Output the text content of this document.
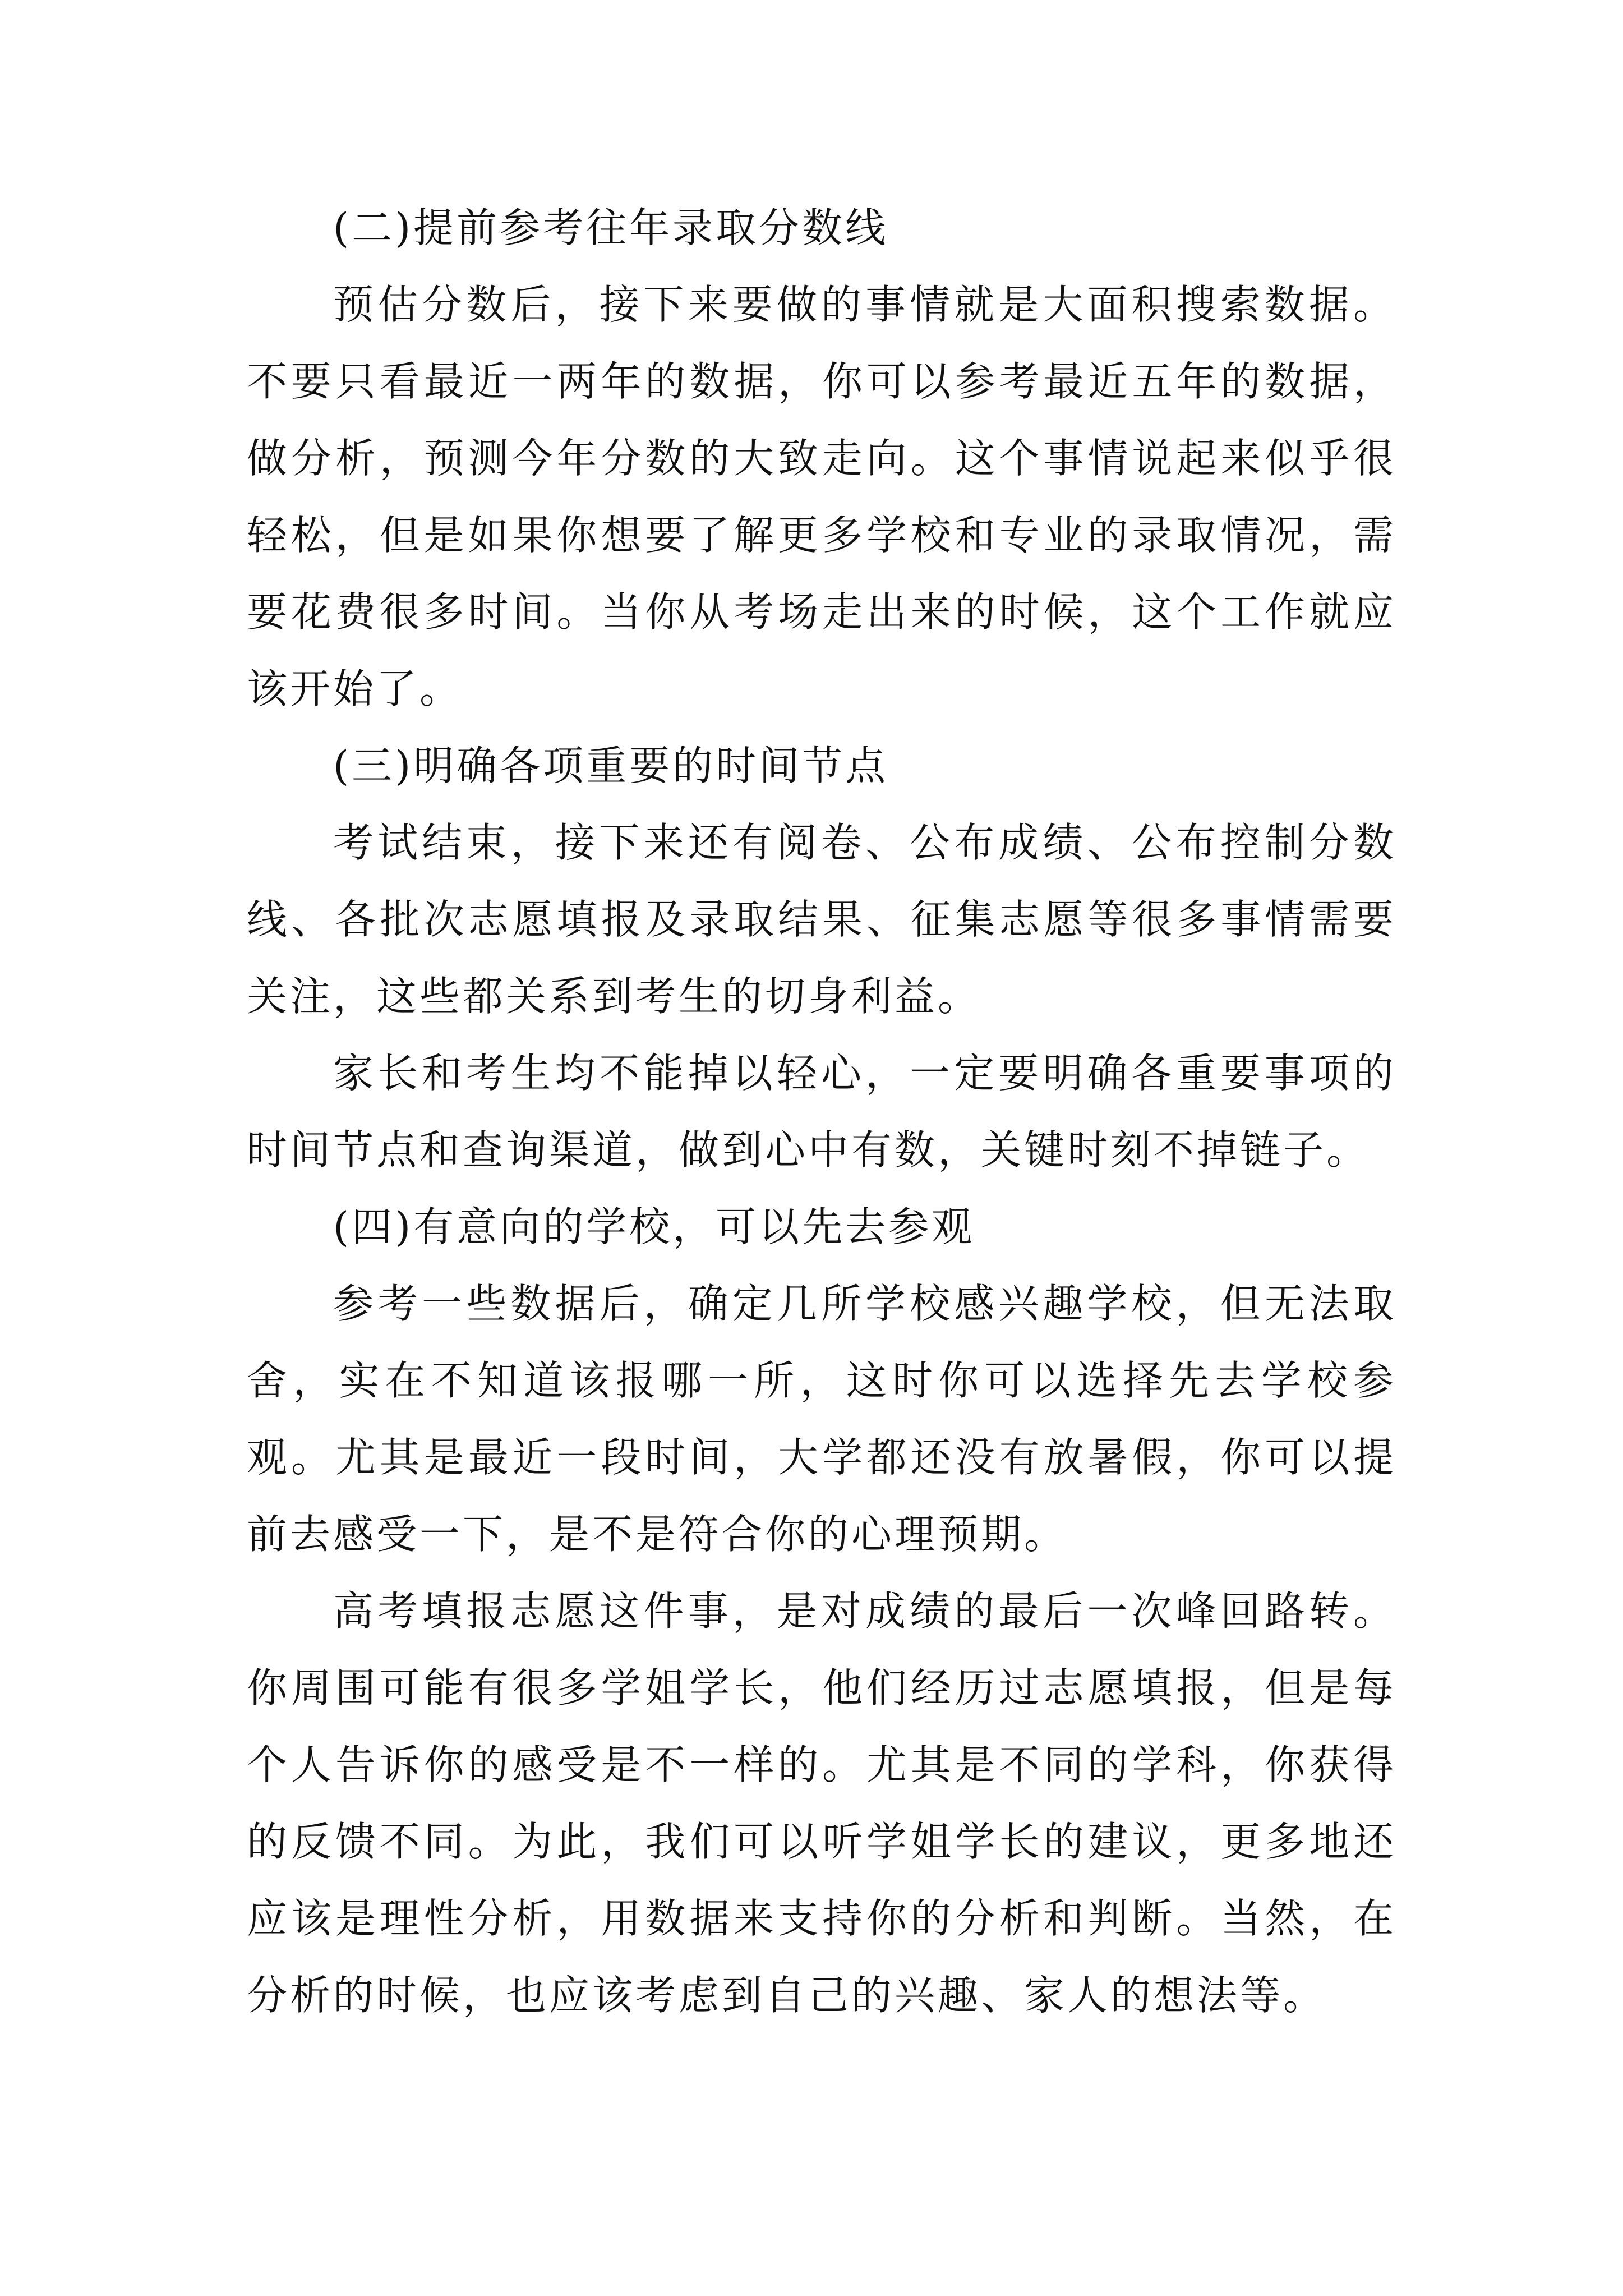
(二)提前参考往年录取分数线

预估分数后，接下来要做的事情就是大面积搜索数据。不要只看最近一两年的数据，你可以参考最近五年的数据，做分析，预测今年分数的大致走向。这个事情说起来似乎很轻松，但是如果你想要了解更多学校和专业的录取情况，需要花费很多时间。当你从考场走出来的时候，这个工作就应该开始了。

(三)明确各项重要的时间节点

考试结束，接下来还有阅卷、公布成绩、公布控制分数线、各批次志愿填报及录取结果、征集志愿等很多事情需要关注，这些都关系到考生的切身利益。

家长和考生均不能掉以轻心，一定要明确各重要事项的时间节点和查询渠道，做到心中有数，关键时刻不掉链子。

(四)有意向的学校，可以先去参观

参考一些数据后，确定几所学校感兴趣学校，但无法取舍，实在不知道该报哪一所，这时你可以选择先去学校参观。尤其是最近一段时间，大学都还没有放暑假，你可以提前去感受一下，是不是符合你的心理预期。

高考填报志愿这件事，是对成绩的最后一次峰回路转。你周围可能有很多学姐学长，他们经历过志愿填报，但是每个人告诉你的感受是不一样的。尤其是不同的学科，你获得的反馈不同。为此，我们可以听学姐学长的建议，更多地还应该是理性分析，用数据来支持你的分析和判断。当然，在分析的时候，也应该考虑到自己的兴趣、家人的想法等。
